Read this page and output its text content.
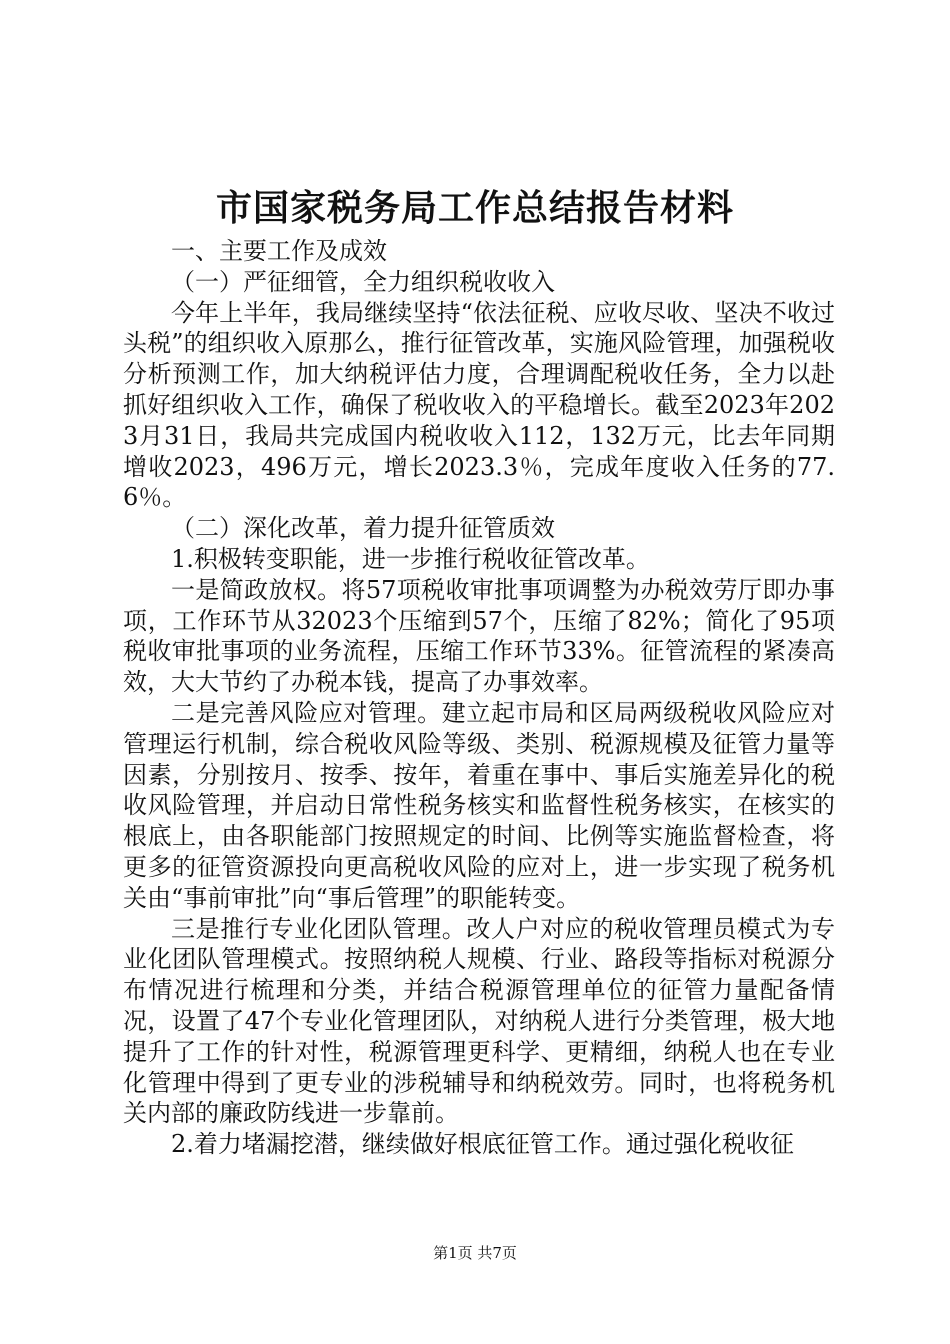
市国家税务局工作总结报告材料

一、主要工作及成效

（一）严征细管，全力组织税收收入

今年上半年，我局继续坚持“依法征税、应收尽收、坚决不收过头税”的组织收入原那么，推行征管改革，实施风险管理，加强税收分析预测工作，加大纳税评估力度，合理调配税收任务，全力以赴抓好组织收入工作，确保了税收收入的平稳增长。截至2023年2023月31日，我局共完成国内税收收入112，132万元，比去年同期增收2023，496万元，增长2023.3％，完成年度收入任务的77.6％。

（二）深化改革，着力提升征管质效

1.积极转变职能，进一步推行税收征管改革。

一是简政放权。将57项税收审批事项调整为办税效劳厅即办事项，工作环节从32023个压缩到57个，压缩了82%；简化了95项税收审批事项的业务流程，压缩工作环节33%。征管流程的紧凑高效，大大节约了办税本钱，提高了办事效率。

二是完善风险应对管理。建立起市局和区局两级税收风险应对管理运行机制，综合税收风险等级、类别、税源规模及征管力量等因素，分别按月、按季、按年，着重在事中、事后实施差异化的税收风险管理，并启动日常性税务核实和监督性税务核实，在核实的根底上，由各职能部门按照规定的时间、比例等实施监督检查，将更多的征管资源投向更高税收风险的应对上，进一步实现了税务机关由“事前审批”向“事后管理”的职能转变。

三是推行专业化团队管理。改人户对应的税收管理员模式为专业化团队管理模式。按照纳税人规模、行业、路段等指标对税源分布情况进行梳理和分类，并结合税源管理单位的征管力量配备情况，设置了47个专业化管理团队，对纳税人进行分类管理，极大地提升了工作的针对性，税源管理更科学、更精细，纳税人也在专业化管理中得到了更专业的涉税辅导和纳税效劳。同时，也将税务机关内部的廉政防线进一步靠前。

2.着力堵漏挖潜，继续做好根底征管工作。通过强化税收征

第1页 共7页
